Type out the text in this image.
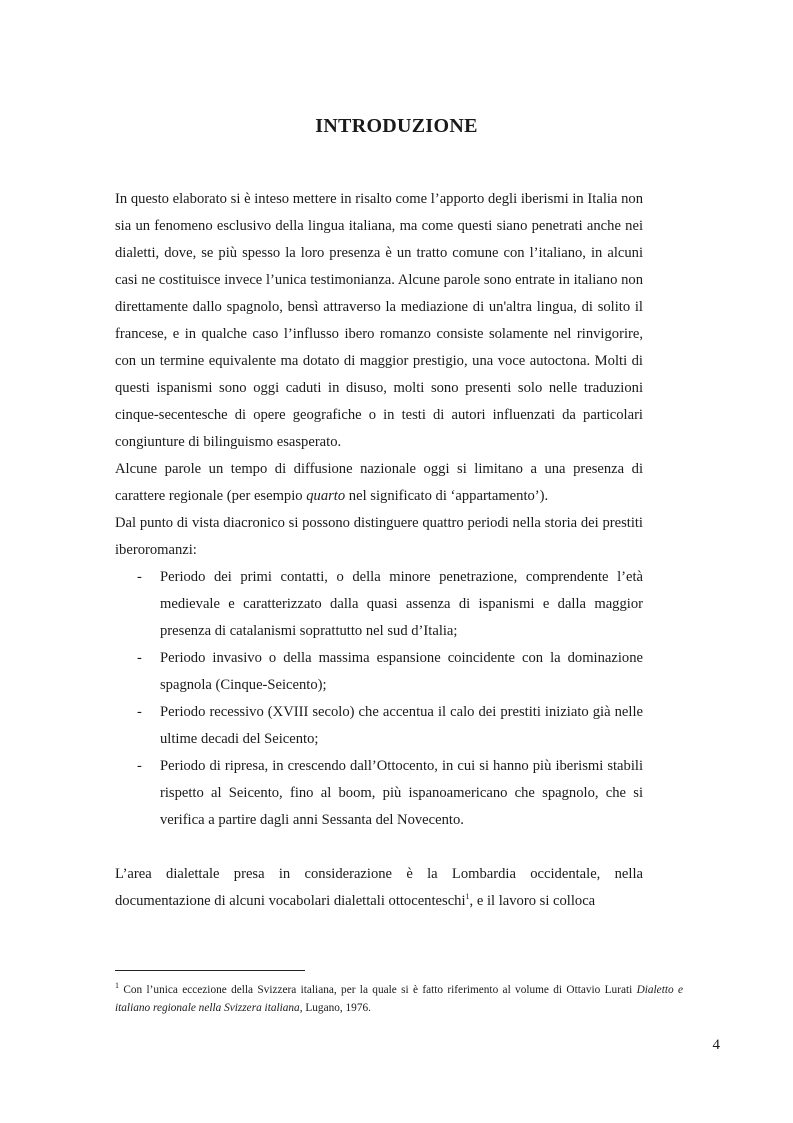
INTRODUZIONE

In questo elaborato si è inteso mettere in risalto come l’apporto degli iberismi in Italia non sia un fenomeno esclusivo della lingua italiana, ma come questi siano penetrati anche nei dialetti, dove, se più spesso la loro presenza è un tratto comune con l’italiano, in alcuni casi ne costituisce invece l’unica testimonianza. Alcune parole sono entrate in italiano non direttamente dallo spagnolo, bensì attraverso la mediazione di un'altra lingua, di solito il francese, e in qualche caso l’influsso ibero romanzo consiste solamente nel rinvigorire, con un termine equivalente ma dotato di maggior prestigio, una voce autoctona. Molti di questi ispanismi sono oggi caduti in disuso, molti sono presenti solo nelle traduzioni cinque-secentesche di opere geografiche o in testi di autori influenzati da particolari congiunture di bilinguismo esasperato.

Alcune parole un tempo di diffusione nazionale oggi si limitano a una presenza di carattere regionale (per esempio quarto nel significato di ‘appartamento’).

Dal punto di vista diacronico si possono distinguere quattro periodi nella storia dei prestiti iberoromanzi:

- Periodo dei primi contatti, o della minore penetrazione, comprendente l’età medievale e caratterizzato dalla quasi assenza di ispanismi e dalla maggior presenza di catalanismi soprattutto nel sud d’Italia;
- Periodo invasivo o della massima espansione coincidente con la dominazione spagnola (Cinque-Seicento);
- Periodo recessivo (XVIII secolo) che accentua il calo dei prestiti iniziato già nelle ultime decadi del Seicento;
- Periodo di ripresa, in crescendo dall’Ottocento, in cui si hanno più iberismi stabili rispetto al Seicento, fino al boom, più ispanoamericano che spagnolo, che si verifica a partire dagli anni Sessanta del Novecento.

L’area dialettale presa in considerazione è la Lombardia occidentale, nella documentazione di alcuni vocabolari dialettali ottocenteschi$^1$, e il lavoro si colloca

$^1$ Con l’unica eccezione della Svizzera italiana, per la quale si è fatto riferimento al volume di Ottavio Lurati Dialetto e italiano regionale nella Svizzera italiana, Lugano, 1976.
4
